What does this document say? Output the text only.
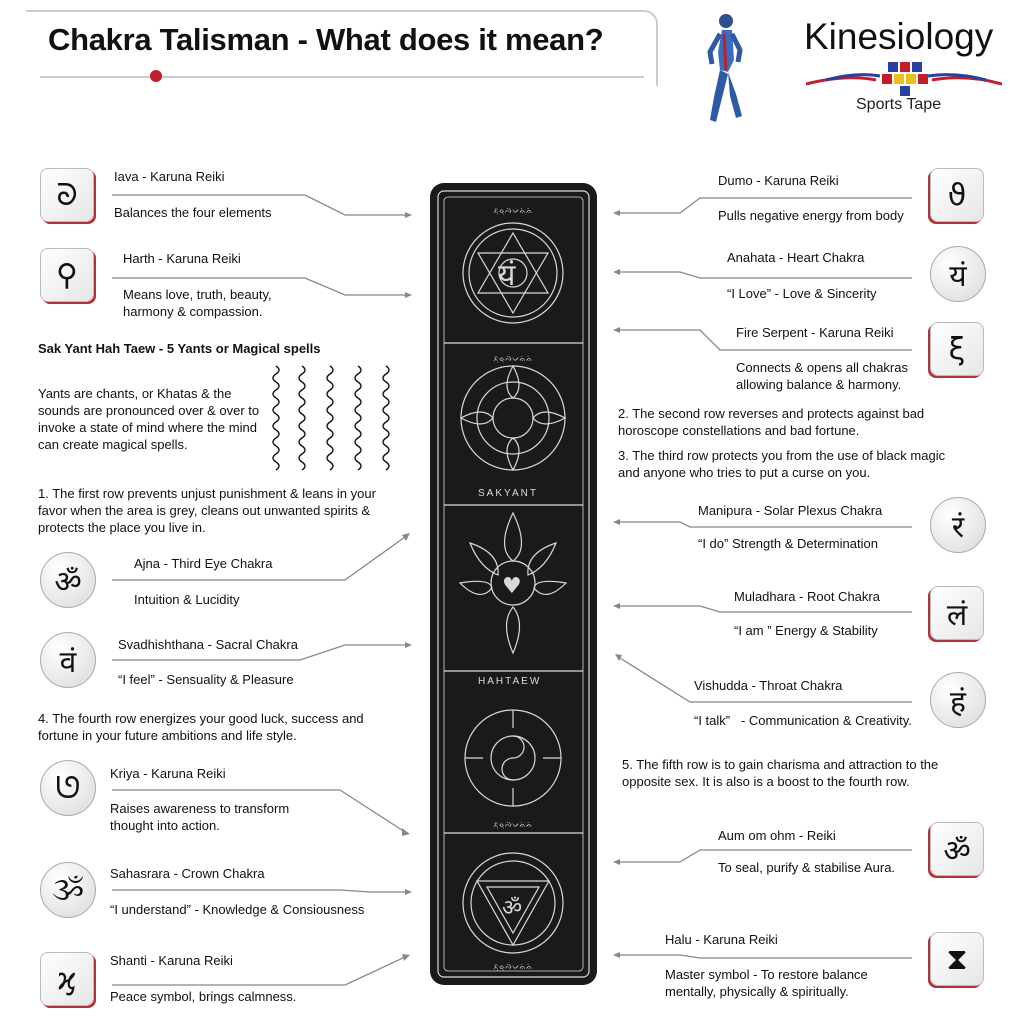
Chakra Talisman - What does it mean?	Kinesiology
Sports Tape
ᘐ
⚲
ॐ
वं
ᘎ
ૐ
ϗ
Iava - Karuna Reiki
Balances the four elements
Harth - Karuna Reiki
Means love, truth, beauty, harmony & compassion.
Sak Yant Hah Taew - 5 Yants or Magical spells
Yants are chants, or Khatas & the sounds are pronounced over & over to invoke a state of mind where the mind can create magical spells.
1. The first row prevents unjust punishment & leans in your favor when the area is grey, cleans out unwanted spirits & protects the place you live in.
Ajna - Third Eye Chakra
Intuition & Lucidity
Svadhishthana - Sacral Chakra
“I feel” - Sensuality & Pleasure
4. The fourth row energizes your good luck, success and fortune in your future ambitions and life style.
Kriya - Karuna Reiki
Raises awareness to transform thought into action.
Sahasrara - Crown Chakra
“I understand” - Knowledge & Consiousness
Shanti - Karuna Reiki
Peace symbol, brings calmness.
ᨅᨘᨔᨘᨄᨗᨆᨊᨗᨊᨗ
ᨅᨘᨔᨘᨄᨗᨆᨊᨗᨊᨗ
ᨅᨘᨔᨘᨄᨗᨆᨊᨗᨊᨗ
ᨅᨘᨔᨘᨄᨗᨆᨊᨗᨊᨗ
यं
♥
ॐ
SAKYANT
HAHTAEW
Dumo - Karuna Reiki
Pulls negative energy from body
Anahata - Heart Chakra
“I Love” - Love & Sincerity
Fire Serpent - Karuna Reiki
Connects & opens all chakras allowing balance & harmony.
2. The second row reverses and protects against bad horoscope constellations and bad fortune.
3. The third row protects you from the use of black magic and anyone who tries to put a curse on you.
Manipura - Solar Plexus Chakra
“I do” Strength & Determination
Muladhara - Root Chakra
“I am ” Energy & Stability
Vishudda - Throat Chakra
“I talk”   - Communication & Creativity.
5. The fifth row is to gain charisma and attraction to the opposite sex. It is also is a boost to the fourth row.
Aum om ohm - Reiki
To seal, purify & stabilise Aura.
Halu - Karuna Reiki
Master symbol - To restore balance mentally, physically & spiritually.
ϑ
यं
ξ
रं
लं
हं
ॐ
⧗
